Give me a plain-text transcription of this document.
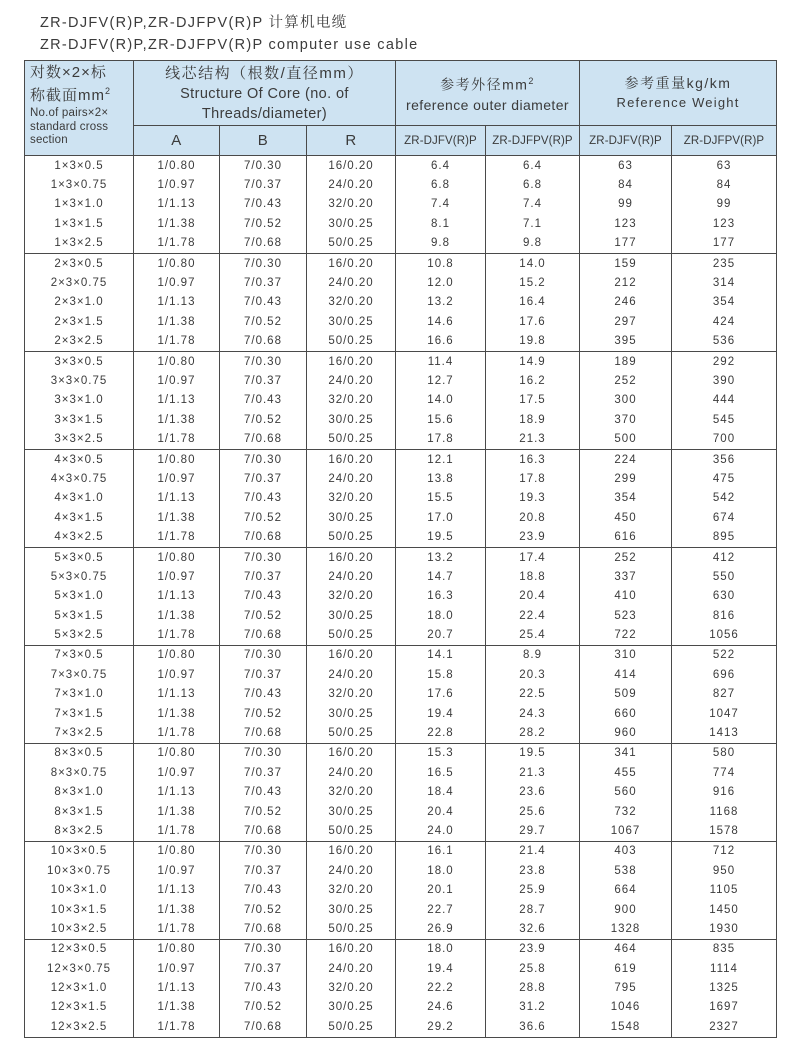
ZR-DJFV(R)P,ZR-DJFPV(R)P 计算机电缆
ZR-DJFV(R)P,ZR-DJFPV(R)P computer use cable
对数×2×标
称截面$mm^2$
No.of pairs×2×
standard cross
section

线芯结构（根数/直径mm）
Structure Of Core (no. of Threads/diameter)

参考外径$mm^2$
reference outer diameter

参考重量kg/km
Reference Weight

	A	B	R	ZR-DJFV(R)P	ZR-DJFPV(R)P	ZR-DJFV(R)P	ZR-DJFPV(R)P
1×3×0.5	1/0.80	7/0.30	16/0.20	6.4	6.4	63	63
1×3×0.75	1/0.97	7/0.37	24/0.20	6.8	6.8	84	84
1×3×1.0	1/1.13	7/0.43	32/0.20	7.4	7.4	99	99
1×3×1.5	1/1.38	7/0.52	30/0.25	8.1	7.1	123	123
1×3×2.5	1/1.78	7/0.68	50/0.25	9.8	9.8	177	177
2×3×0.5	1/0.80	7/0.30	16/0.20	10.8	14.0	159	235
2×3×0.75	1/0.97	7/0.37	24/0.20	12.0	15.2	212	314
2×3×1.0	1/1.13	7/0.43	32/0.20	13.2	16.4	246	354
2×3×1.5	1/1.38	7/0.52	30/0.25	14.6	17.6	297	424
2×3×2.5	1/1.78	7/0.68	50/0.25	16.6	19.8	395	536
3×3×0.5	1/0.80	7/0.30	16/0.20	11.4	14.9	189	292
3×3×0.75	1/0.97	7/0.37	24/0.20	12.7	16.2	252	390
3×3×1.0	1/1.13	7/0.43	32/0.20	14.0	17.5	300	444
3×3×1.5	1/1.38	7/0.52	30/0.25	15.6	18.9	370	545
3×3×2.5	1/1.78	7/0.68	50/0.25	17.8	21.3	500	700
4×3×0.5	1/0.80	7/0.30	16/0.20	12.1	16.3	224	356
4×3×0.75	1/0.97	7/0.37	24/0.20	13.8	17.8	299	475
4×3×1.0	1/1.13	7/0.43	32/0.20	15.5	19.3	354	542
4×3×1.5	1/1.38	7/0.52	30/0.25	17.0	20.8	450	674
4×3×2.5	1/1.78	7/0.68	50/0.25	19.5	23.9	616	895
5×3×0.5	1/0.80	7/0.30	16/0.20	13.2	17.4	252	412
5×3×0.75	1/0.97	7/0.37	24/0.20	14.7	18.8	337	550
5×3×1.0	1/1.13	7/0.43	32/0.20	16.3	20.4	410	630
5×3×1.5	1/1.38	7/0.52	30/0.25	18.0	22.4	523	816
5×3×2.5	1/1.78	7/0.68	50/0.25	20.7	25.4	722	1056
7×3×0.5	1/0.80	7/0.30	16/0.20	14.1	8.9	310	522
7×3×0.75	1/0.97	7/0.37	24/0.20	15.8	20.3	414	696
7×3×1.0	1/1.13	7/0.43	32/0.20	17.6	22.5	509	827
7×3×1.5	1/1.38	7/0.52	30/0.25	19.4	24.3	660	1047
7×3×2.5	1/1.78	7/0.68	50/0.25	22.8	28.2	960	1413
8×3×0.5	1/0.80	7/0.30	16/0.20	15.3	19.5	341	580
8×3×0.75	1/0.97	7/0.37	24/0.20	16.5	21.3	455	774
8×3×1.0	1/1.13	7/0.43	32/0.20	18.4	23.6	560	916
8×3×1.5	1/1.38	7/0.52	30/0.25	20.4	25.6	732	1168
8×3×2.5	1/1.78	7/0.68	50/0.25	24.0	29.7	1067	1578
10×3×0.5	1/0.80	7/0.30	16/0.20	16.1	21.4	403	712
10×3×0.75	1/0.97	7/0.37	24/0.20	18.0	23.8	538	950
10×3×1.0	1/1.13	7/0.43	32/0.20	20.1	25.9	664	1105
10×3×1.5	1/1.38	7/0.52	30/0.25	22.7	28.7	900	1450
10×3×2.5	1/1.78	7/0.68	50/0.25	26.9	32.6	1328	1930
12×3×0.5	1/0.80	7/0.30	16/0.20	18.0	23.9	464	835
12×3×0.75	1/0.97	7/0.37	24/0.20	19.4	25.8	619	1114
12×3×1.0	1/1.13	7/0.43	32/0.20	22.2	28.8	795	1325
12×3×1.5	1/1.38	7/0.52	30/0.25	24.6	31.2	1046	1697
12×3×2.5	1/1.78	7/0.68	50/0.25	29.2	36.6	1548	2327
